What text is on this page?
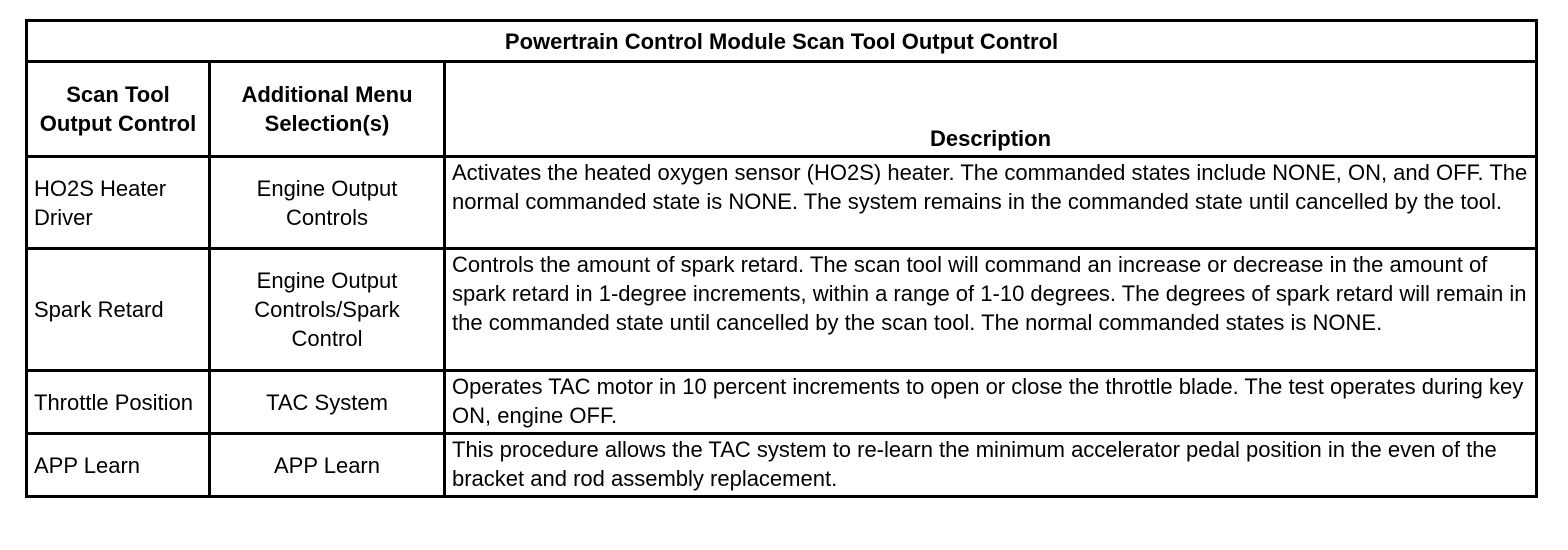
Powertrain Control Module Scan Tool Output Control		
Scan Tool Output Control	Additional Menu Selection(s)	Description
HO2S Heater Driver	Engine Output Controls	Activates the heated oxygen sensor (HO2S) heater. The commanded states include NONE, ON, and OFF. The normal commanded state is NONE. The system remains in the commanded state until cancelled by the tool.
Spark Retard	Engine Output Controls/Spark Control	Controls the amount of spark retard. The scan tool will command an increase or decrease in the amount of spark retard in 1-degree increments, within a range of 1-10 degrees. The degrees of spark retard will remain in the commanded state until cancelled by the scan tool. The normal commanded states is NONE.
Throttle Position	TAC System	Operates TAC motor in 10 percent increments to open or close the throttle blade. The test operates during key ON, engine OFF.
APP Learn	APP Learn	This procedure allows the TAC system to re-learn the minimum accelerator pedal position in the even of the bracket and rod assembly replacement.
